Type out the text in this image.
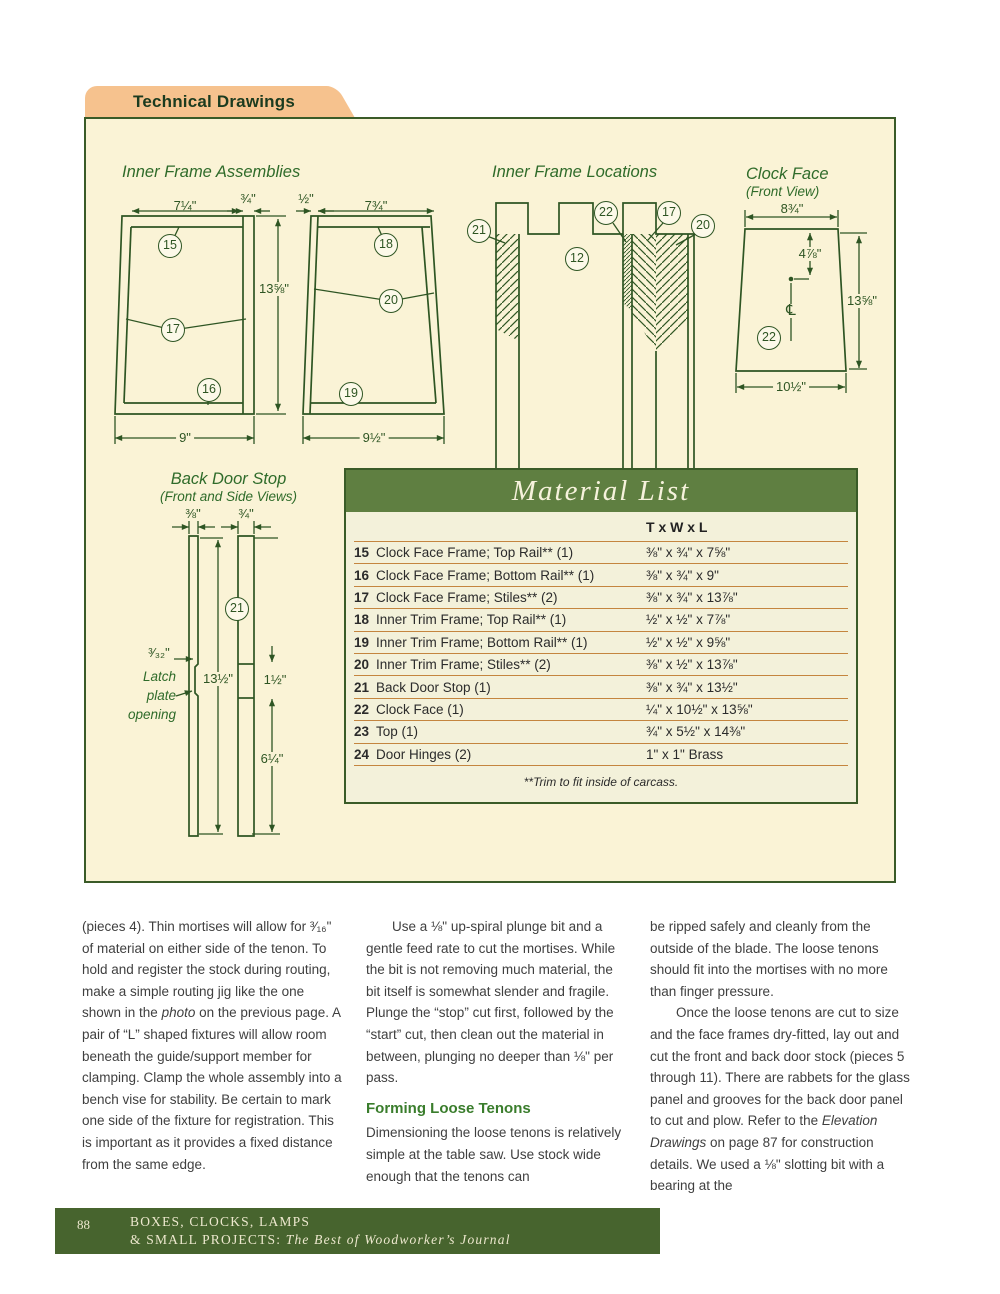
Technical Drawings
Inner Frame Assemblies	Inner Frame Locations	Clock Face
(Front View)
Back Door Stop
(Front and Side Views)
7¼"	¾"	½"	7¾"
13⅝"
9"	9½"
8¾"
4⅞"
13⅝"
℄
10½"
⅜"	¾"
³⁄₃₂"
13½" 1½"
6¼"
Latch plate opening
15
17
16
18
20
19
21
12
22	17
20
22
21
Material List
T x W x L
15 Clock Face Frame; Top Rail** (1)	⅜" x ¾" x 7⅝"
16 Clock Face Frame; Bottom Rail** (1)	⅜" x ¾" x 9"
17 Clock Face Frame; Stiles** (2)	⅜" x ¾" x 13⅞"
18 Inner Trim Frame; Top Rail** (1)	½" x ½" x 7⅞"
19 Inner Trim Frame; Bottom Rail** (1)	½" x ½" x 9⅝"
20 Inner Trim Frame; Stiles** (2)	⅜" x ½" x 13⅞"
21 Back Door Stop (1)	⅜" x ¾" x 13½"
22 Clock Face (1)	¼" x 10½" x 13⅝"
23 Top (1)	¾" x 5½" x 14⅜"
24 Door Hinges (2)	1" x 1" Brass
**Trim to fit inside of carcass.

(pieces 4). Thin mortises will allow for ³⁄₁₆" of material on either side of the tenon. To hold and register the stock during routing, make a simple routing jig like the one shown in the photo on the previous page. A pair of “L” shaped fixtures will allow room beneath the guide/support member for clamping. Clamp the whole assembly into a bench vise for stability. Be certain to mark one side of the fixture for registration. This is important as it provides a fixed distance from the same edge.

Use a ⅛" up-spiral plunge bit and a gentle feed rate to cut the mortises. While the bit is not removing much material, the bit itself is somewhat slender and fragile. Plunge the “stop” cut first, followed by the “start” cut, then clean out the material in between, plunging no deeper than ⅛" per pass.

Forming Loose Tenons

Dimensioning the loose tenons is relatively simple at the table saw. Use stock wide enough that the tenons can

be ripped safely and cleanly from the outside of the blade. The loose tenons should fit into the mortises with no more than finger pressure.

Once the loose tenons are cut to size and the face frames dry-fitted, lay out and cut the front and back door stock (pieces 5 through 11). There are rabbets for the glass panel and grooves for the back door panel to cut and plow. Refer to the Elevation Drawings on page 87 for construction details. We used a ⅛" slotting bit with a bearing at the

88	BOXES, CLOCKS, LAMPS
& SMALL PROJECTS: The Best of Woodworker’s Journal
